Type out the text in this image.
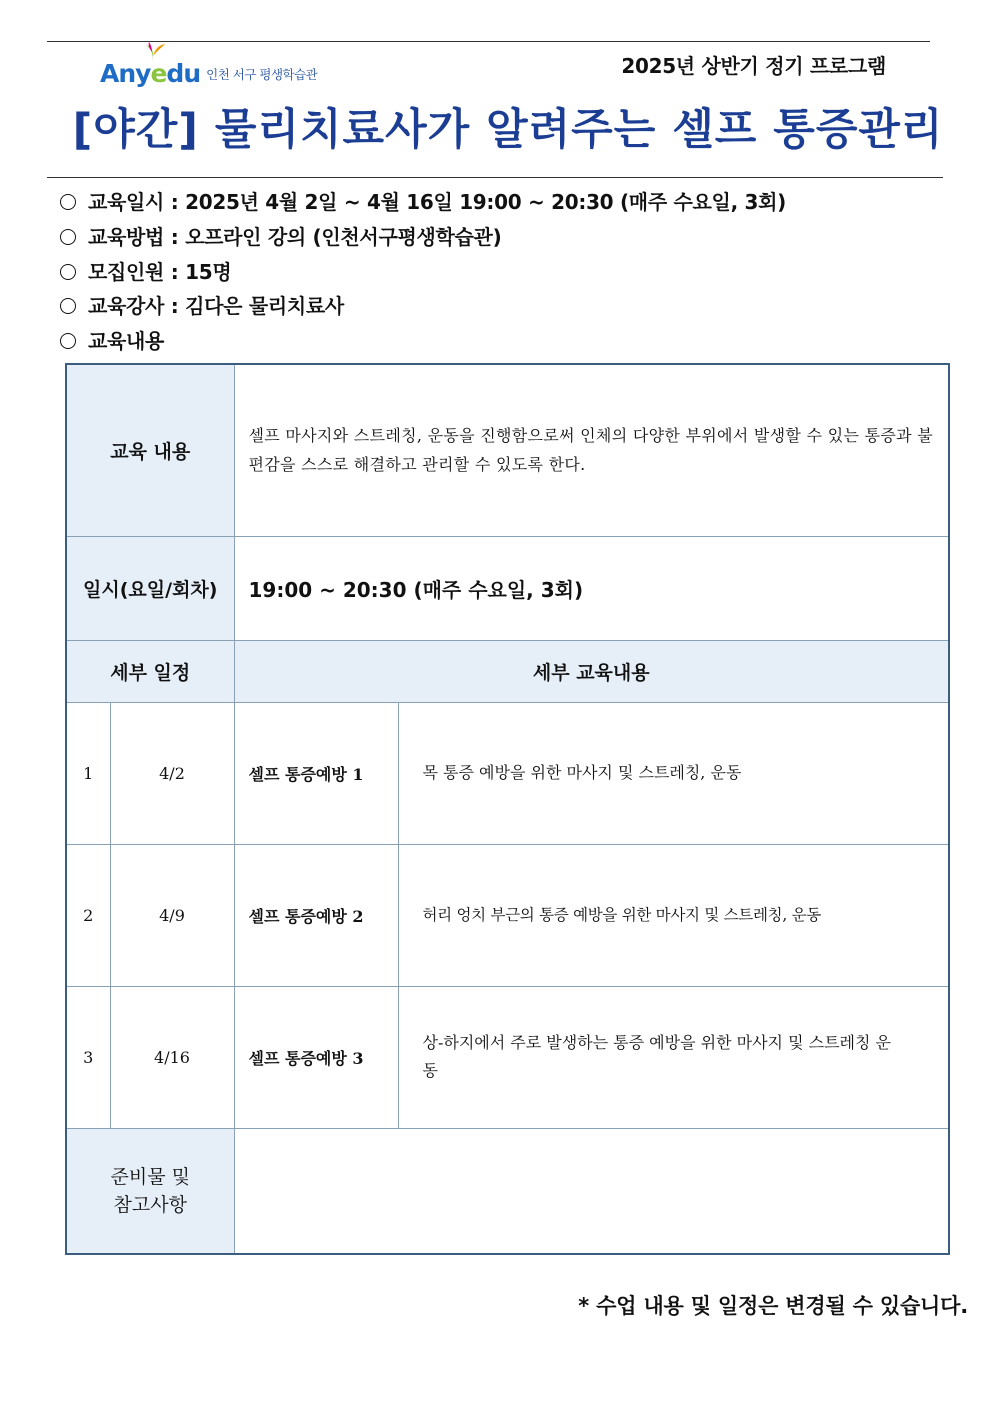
Anyedu 인천 서구 평생학습관	2025년 상반기 정기 프로그램
[야간] 물리치료사가 알려주는 셀프 통증관리
교육일시 : 2025년 4월 2일 ~ 4월 16일 19:00 ~ 20:30 (매주 수요일, 3회)
교육방법 : 오프라인 강의 (인천서구평생학습관)
모집인원 : 15명
교육강사 : 김다은 물리치료사
교육내용
교육 내용		셀프 마사지와 스트레칭, 운동을 진행함으로써 인체의 다양한 부위에서 발생할 수 있는 통증과 불편감을 스스로 해결하고 관리할 수 있도록 한다.	
일시(요일/회차)		19:00 ~ 20:30 (매주 수요일, 3회)	
세부 일정		세부 교육내용	
1	4/2	셀프 통증예방 1	목 통증 예방을 위한 마사지 및 스트레칭, 운동
2	4/9	셀프 통증예방 2	허리 엉치 부근의 통증 예방을 위한 마사지 및 스트레칭, 운동
3	4/16	셀프 통증예방 3	상-하지에서 주로 발생하는 통증 예방을 위한 마사지 및 스트레칭 운동

준비물 및
참고사항			

* 수업 내용 및 일정은 변경될 수 있습니다.
